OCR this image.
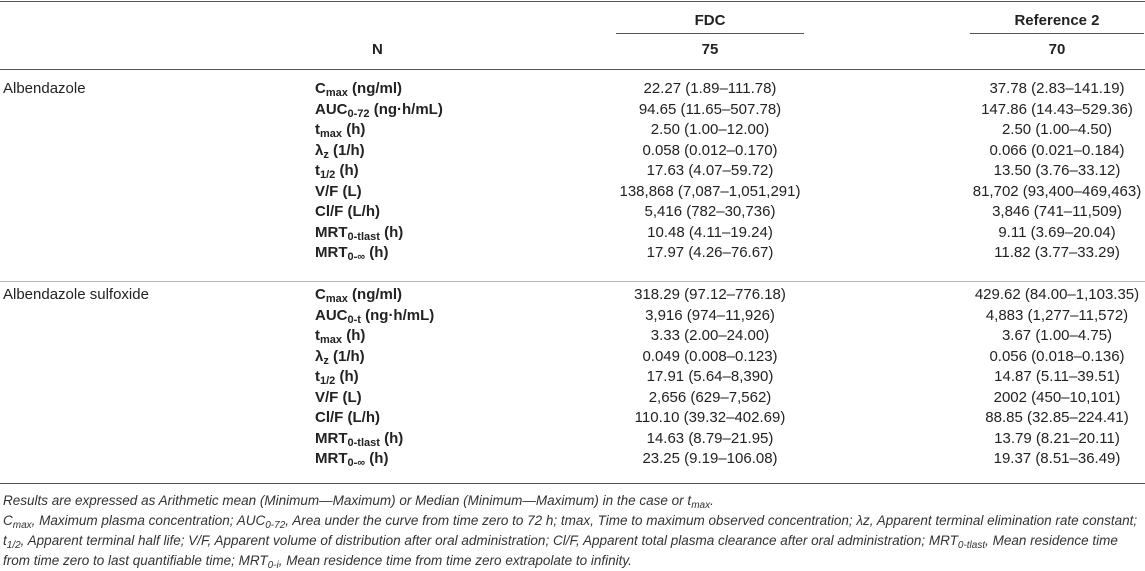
FDC	Reference 2
N	75	70
Albendazole	$C_{max}$ (ng/ml)	22.27 (1.89–111.78)	37.78 (2.83–141.19)
$AUC_{0-72}$ (ng·h/mL)	94.65 (11.65–507.78)	147.86 (14.43–529.36)
$t_{max}$ (h)	2.50 (1.00–12.00)	2.50 (1.00–4.50)
$\lambda_z$ (1/h)	0.058 (0.012–0.170)	0.066 (0.021–0.184)
$t_{1/2}$ (h)	17.63 (4.07–59.72)	13.50 (3.76–33.12)
V/F (L)	138,868 (7,087–1,051,291)	81,702 (93,400–469,463)
Cl/F (L/h)	5,416 (782–30,736)	3,846 (741–11,509)
$MRT_{0-tlast}$ (h)	10.48 (4.11–19.24)	9.11 (3.69–20.04)
$MRT_{0-\infty}$ (h)	17.97 (4.26–76.67)	11.82 (3.77–33.29)
Albendazole sulfoxide	$C_{max}$ (ng/ml)	318.29 (97.12–776.18)	429.62 (84.00–1,103.35)
$AUC_{0-t}$ (ng·h/mL)	3,916 (974–11,926)	4,883 (1,277–11,572)
$t_{max}$ (h)	3.33 (2.00–24.00)	3.67 (1.00–4.75)
$\lambda_z$ (1/h)	0.049 (0.008–0.123)	0.056 (0.018–0.136)
$t_{1/2}$ (h)	17.91 (5.64–8,390)	14.87 (5.11–39.51)
V/F (L)	2,656 (629–7,562)	2002 (450–10,101)
Cl/F (L/h)	110.10 (39.32–402.69)	88.85 (32.85–224.41)
$MRT_{0-tlast}$ (h)	14.63 (8.79–21.95)	13.79 (8.21–20.11)
$MRT_{0-\infty}$ (h)	23.25 (9.19–106.08)	19.37 (8.51–36.49)
Results are expressed as Arithmetic mean (Minimum—Maximum) or Median (Minimum—Maximum) in the case or $t_{max}$.
$C_{max}$, Maximum plasma concentration; $AUC_{0-72}$, Area under the curve from time zero to 72 h; tmax, Time to maximum observed concentration; λz, Apparent terminal elimination rate constant; $t_{1/2}$, Apparent terminal half life; V/F, Apparent volume of distribution after oral administration; Cl/F, Apparent total plasma clearance after oral administration; $MRT_{0-tlast}$, Mean residence time from time zero to last quantifiable time; $MRT_{0-i}$, Mean residence time from time zero extrapolate to infinity.
